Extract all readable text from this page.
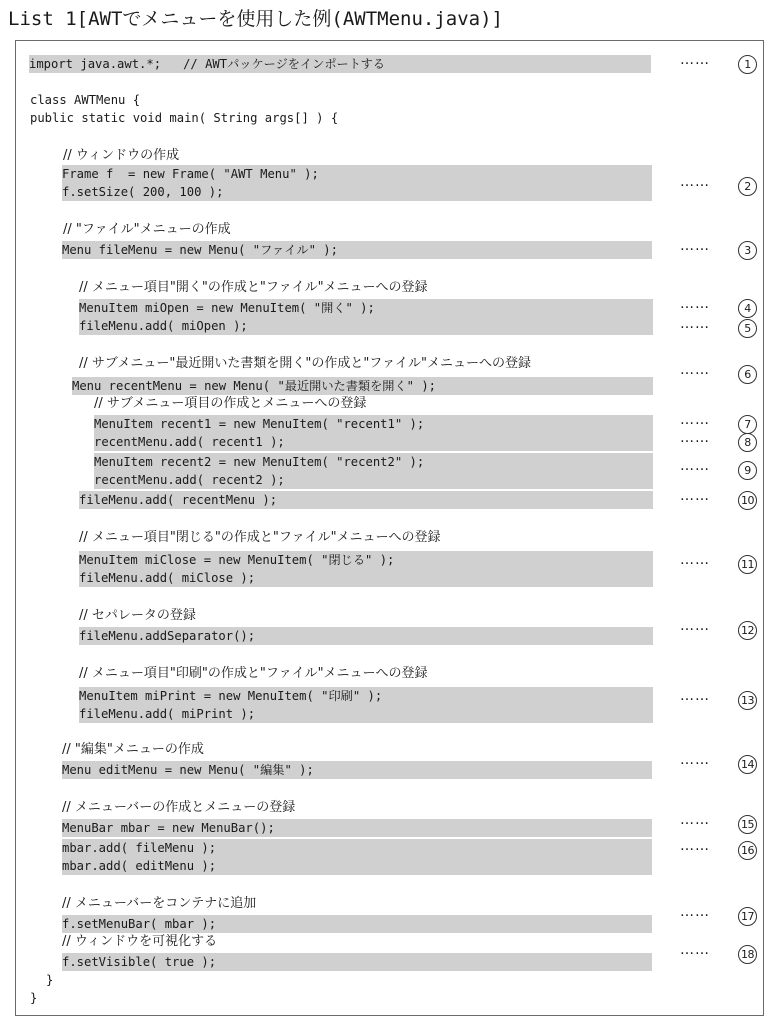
List 1[AWTでメニューを使用した例(AWTMenu.java)]
import java.awt.*;   // AWTパッケージをインポートする
class AWTMenu {
public static void main( String args[] ) {
// ウィンドウの作成
Frame f  = new Frame( "AWT Menu" );
f.setSize( 200, 100 );
// "ファイル"メニューの作成
Menu fileMenu = new Menu( "ファイル" );
// メニュー項目"開く"の作成と"ファイル"メニューへの登録
MenuItem miOpen = new MenuItem( "開く" );
fileMenu.add( miOpen );
// サブメニュー"最近開いた書類を開く"の作成と"ファイル"メニューへの登録
Menu recentMenu = new Menu( "最近開いた書類を開く" );
// サブメニュー項目の作成とメニューへの登録
MenuItem recent1 = new MenuItem( "recent1" );
recentMenu.add( recent1 );
MenuItem recent2 = new MenuItem( "recent2" );
recentMenu.add( recent2 );
fileMenu.add( recentMenu );
// メニュー項目"閉じる"の作成と"ファイル"メニューへの登録
MenuItem miClose = new MenuItem( "閉じる" );
fileMenu.add( miClose );
// セパレータの登録
fileMenu.addSeparator();
// メニュー項目"印刷"の作成と"ファイル"メニューへの登録
MenuItem miPrint = new MenuItem( "印刷" );
fileMenu.add( miPrint );
// "編集"メニューの作成
Menu editMenu = new Menu( "編集" );
// メニューバーの作成とメニューの登録
MenuBar mbar = new MenuBar();
mbar.add( fileMenu );
mbar.add( editMenu );
// メニューバーをコンテナに追加
f.setMenuBar( mbar );
// ウィンドウを可視化する
f.setVisible( true );
}
}
……	1
……	2
……	3
……	4
……	5
……	6
……	7
……	8
……	9
……	10
……	11
……	12
……	13
……	14
……	15
……	16
……	17
……	18
